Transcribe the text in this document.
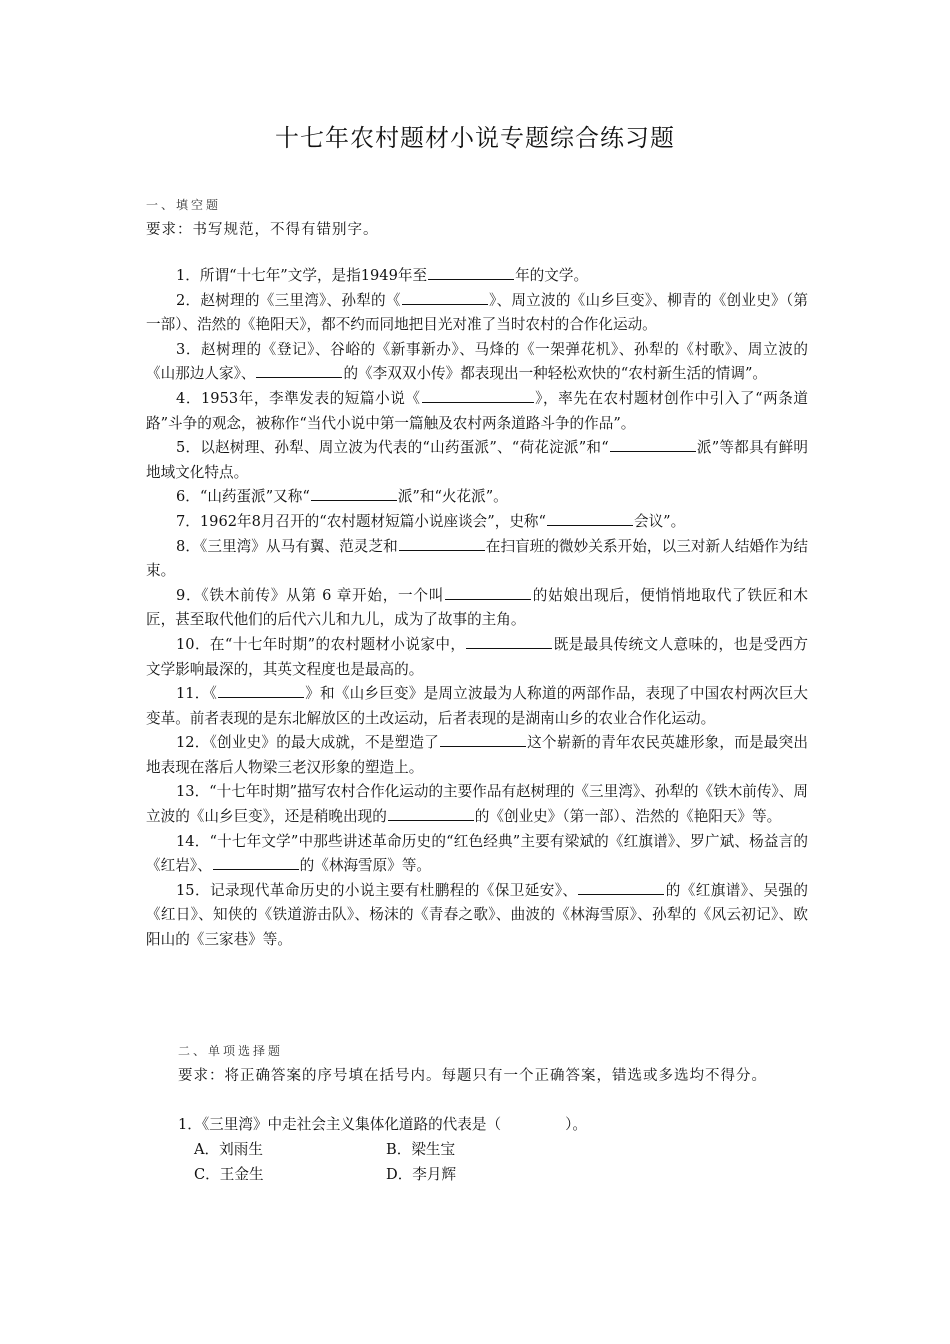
十七年农村题材小说专题综合练习题
一、填空题
要求：书写规范，不得有错别字。

1．所谓“十七年”文学，是指1949年至	年的文学。

2．赵树理的《三里湾》、孙犁的《	》、周立波的《山乡巨变》、柳青的《创业史》（第一部）、浩然的《艳阳天》，都不约而同地把目光对准了当时农村的合作化运动。

3．赵树理的《登记》、谷峪的《新事新办》、马烽的《一架弹花机》、孙犁的《村歌》、周立波的《山那边人家》、	的《李双双小传》都表现出一种轻松欢快的“农村新生活的情调”。

4．1953年，李準发表的短篇小说《	》，率先在农村题材创作中引入了“两条道路”斗争的观念，被称作“当代小说中第一篇触及农村两条道路斗争的作品”。

5．以赵树理、孙犁、周立波为代表的“山药蛋派”、“荷花淀派”和“	派”等都具有鲜明地域文化特点。

6．“山药蛋派”又称“	派”和“火花派”。

7．1962年8月召开的“农村题材短篇小说座谈会”，史称“	会议”。

8．《三里湾》从马有翼、范灵芝和	在扫盲班的微妙关系开始，以三对新人结婚作为结束。

9．《铁木前传》从第 6 章开始，一个叫	的姑娘出现后，便悄悄地取代了铁匠和木匠，甚至取代他们的后代六儿和九儿，成为了故事的主角。

10．在“十七年时期”的农村题材小说家中，	既是最具传统文人意味的，也是受西方文学影响最深的，其英文程度也是最高的。

11．《	》和《山乡巨变》是周立波最为人称道的两部作品，表现了中国农村两次巨大变革。前者表现的是东北解放区的土改运动，后者表现的是湖南山乡的农业合作化运动。

12．《创业史》的最大成就，不是塑造了	这个崭新的青年农民英雄形象，而是最突出地表现在落后人物梁三老汉形象的塑造上。

13．“十七年时期”描写农村合作化运动的主要作品有赵树理的《三里湾》、孙犁的《铁木前传》、周立波的《山乡巨变》，还是稍晚出现的	的《创业史》（第一部）、浩然的《艳阳天》等。

14．“十七年文学”中那些讲述革命历史的“红色经典”主要有梁斌的《红旗谱》、罗广斌、杨益言的《红岩》、	的《林海雪原》等。

15．记录现代革命历史的小说主要有杜鹏程的《保卫延安》、	的《红旗谱》、吴强的《红日》、知侠的《铁道游击队》、杨沫的《青春之歌》、曲波的《林海雪原》、孙犁的《风云初记》、欧阳山的《三家巷》等。

二、单项选择题
要求：将正确答案的序号填在括号内。每题只有一个正确答案，错选或多选均不得分。

1．《三里湾》中走社会主义集体化道路的代表是（	）。

A．刘雨生	B．梁生宝

C．王金生	D．李月辉
